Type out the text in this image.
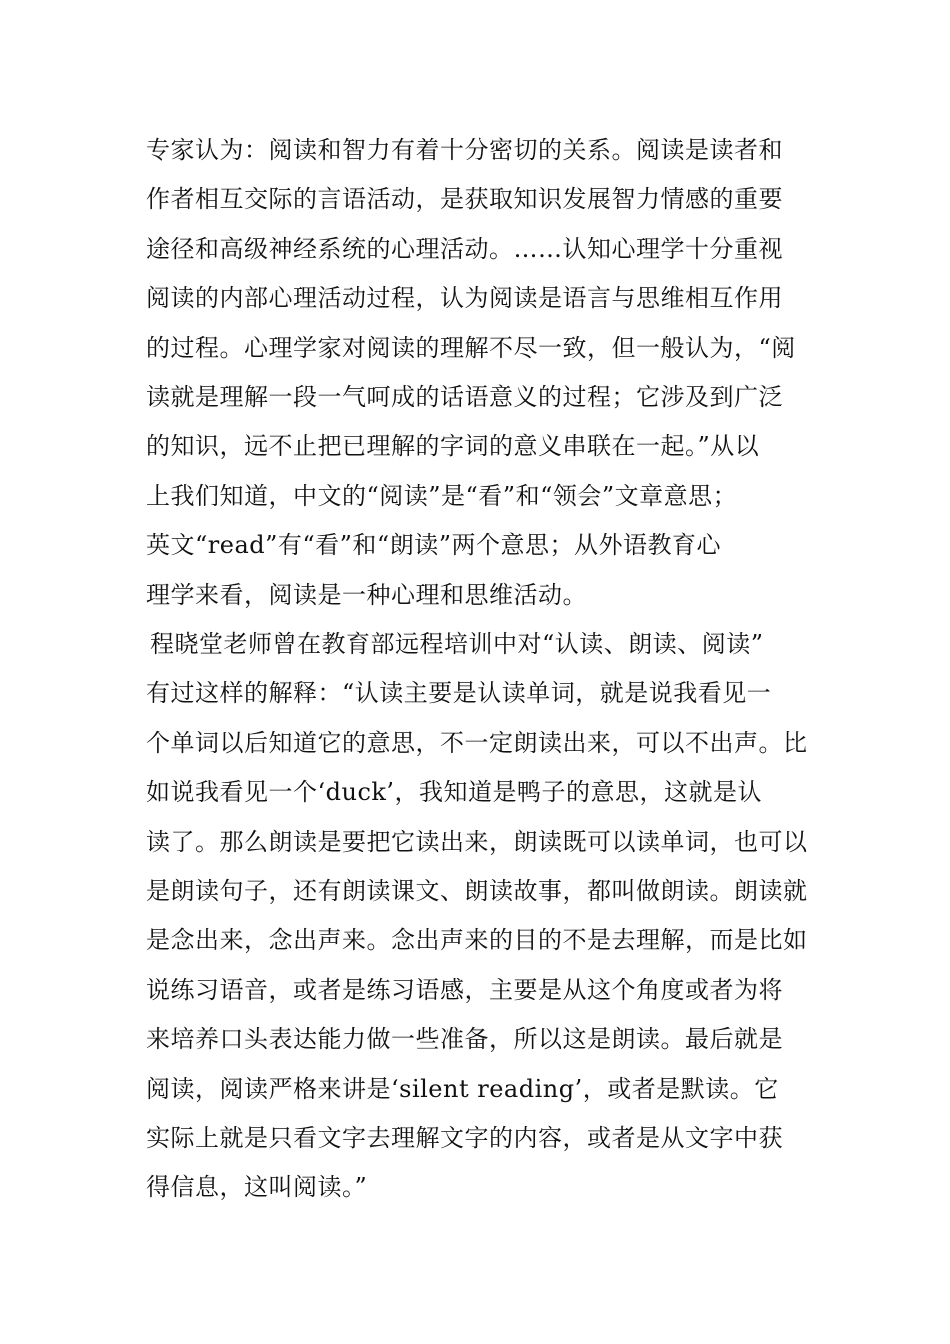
专家认为：阅读和智力有着十分密切的关系。阅读是读者和
作者相互交际的言语活动，是获取知识发展智力情感的重要
途径和高级神经系统的心理活动。……认知心理学十分重视
阅读的内部心理活动过程，认为阅读是语言与思维相互作用
的过程。心理学家对阅读的理解不尽一致，但一般认为，“阅
读就是理解一段一气呵成的话语意义的过程；它涉及到广泛
的知识，远不止把已理解的字词的意义串联在一起。”从以
上我们知道，中文的“阅读”是“看”和“领会”文章意思；
英文“read”有“看”和“朗读”两个意思；从外语教育心
理学来看，阅读是一种心理和思维活动。
程晓堂老师曾在教育部远程培训中对“认读、朗读、阅读”
有过这样的解释：“认读主要是认读单词，就是说我看见一
个单词以后知道它的意思，不一定朗读出来，可以不出声。比
如说我看见一个‘duck’，我知道是鸭子的意思，这就是认
读了。那么朗读是要把它读出来，朗读既可以读单词，也可以
是朗读句子，还有朗读课文、朗读故事，都叫做朗读。朗读就
是念出来，念出声来。念出声来的目的不是去理解，而是比如
说练习语音，或者是练习语感，主要是从这个角度或者为将
来培养口头表达能力做一些准备，所以这是朗读。最后就是
阅读，阅读严格来讲是‘silent reading’，或者是默读。它
实际上就是只看文字去理解文字的内容，或者是从文字中获
得信息，这叫阅读。”
